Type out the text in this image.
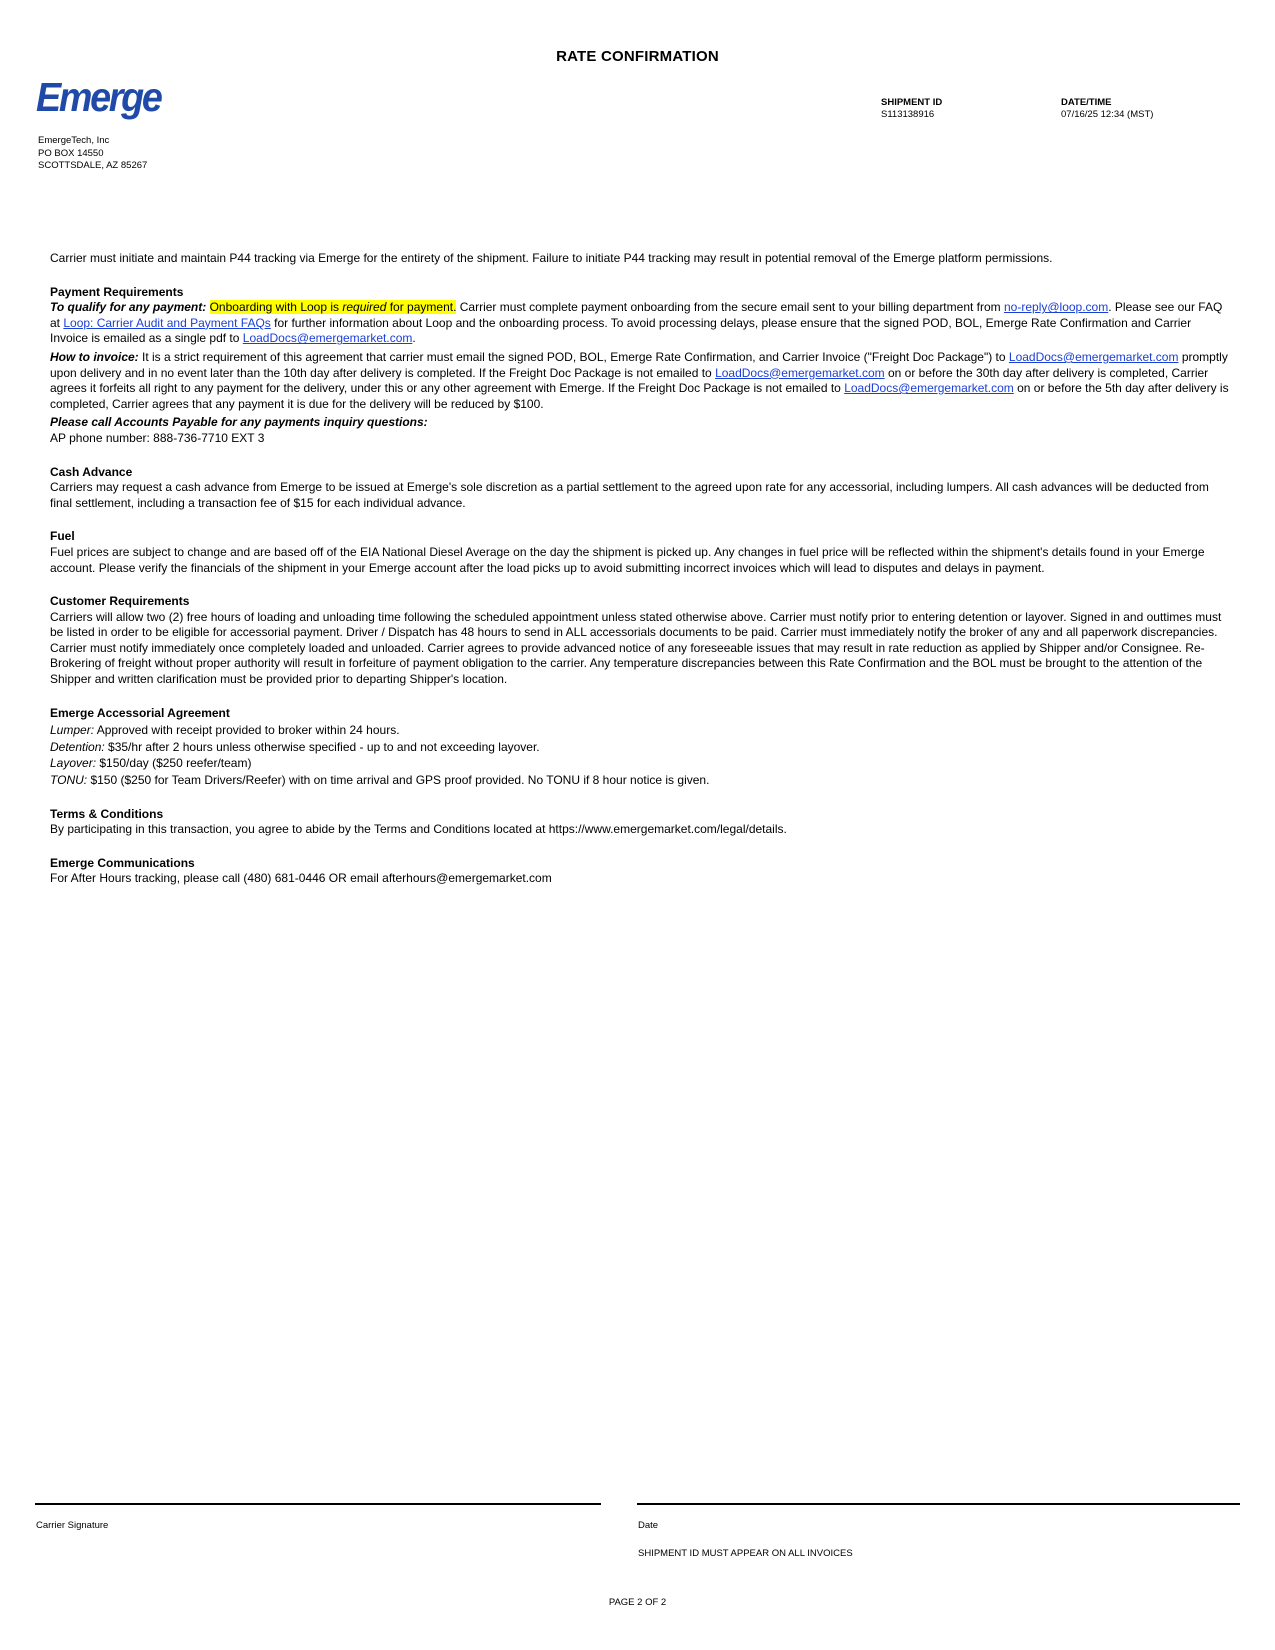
RATE CONFIRMATION
Emerge	SHIPMENT ID
S113138916
DATE/TIME
07/16/25 12:34 (MST)
EmergeTech, Inc
PO BOX 14550
SCOTTSDALE, AZ 85267

Carrier must initiate and maintain P44 tracking via Emerge for the entirety of the shipment. Failure to initiate P44 tracking may result in potential removal of the Emerge platform permissions.

Payment Requirements

To qualify for any payment: Onboarding with Loop is required for payment. Carrier must complete payment onboarding from the secure email sent to your billing department from no-reply@loop.com. Please see our FAQ at Loop: Carrier Audit and Payment FAQs for further information about Loop and the onboarding process. To avoid processing delays, please ensure that the signed POD, BOL, Emerge Rate Confirmation and Carrier Invoice is emailed as a single pdf to LoadDocs@emergemarket.com.

How to invoice: It is a strict requirement of this agreement that carrier must email the signed POD, BOL, Emerge Rate Confirmation, and Carrier Invoice ("Freight Doc Package") to LoadDocs@emergemarket.com promptly upon delivery and in no event later than the 10th day after delivery is completed. If the Freight Doc Package is not emailed to LoadDocs@emergemarket.com on or before the 30th day after delivery is completed, Carrier agrees it forfeits all right to any payment for the delivery, under this or any other agreement with Emerge. If the Freight Doc Package is not emailed to LoadDocs@emergemarket.com on or before the 5th day after delivery is completed, Carrier agrees that any payment it is due for the delivery will be reduced by $100.

Please call Accounts Payable for any payments inquiry questions:

AP phone number: 888-736-7710 EXT 3

Cash Advance

Carriers may request a cash advance from Emerge to be issued at Emerge's sole discretion as a partial settlement to the agreed upon rate for any accessorial, including lumpers. All cash advances will be deducted from final settlement, including a transaction fee of $15 for each individual advance.

Fuel

Fuel prices are subject to change and are based off of the EIA National Diesel Average on the day the shipment is picked up. Any changes in fuel price will be reflected within the shipment's details found in your Emerge account. Please verify the financials of the shipment in your Emerge account after the load picks up to avoid submitting incorrect invoices which will lead to disputes and delays in payment.

Customer Requirements

Carriers will allow two (2) free hours of loading and unloading time following the scheduled appointment unless stated otherwise above. Carrier must notify prior to entering detention or layover. Signed in and outtimes must be listed in order to be eligible for accessorial payment. Driver / Dispatch has 48 hours to send in ALL accessorials documents to be paid. Carrier must immediately notify the broker of any and all paperwork discrepancies. Carrier must notify immediately once completely loaded and unloaded. Carrier agrees to provide advanced notice of any foreseeable issues that may result in rate reduction as applied by Shipper and/or Consignee. Re-Brokering of freight without proper authority will result in forfeiture of payment obligation to the carrier. Any temperature discrepancies between this Rate Confirmation and the BOL must be brought to the attention of the Shipper and written clarification must be provided prior to departing Shipper's location.

Emerge Accessorial Agreement

Lumper: Approved with receipt provided to broker within 24 hours.

Detention: $35/hr after 2 hours unless otherwise specified - up to and not exceeding layover.

Layover: $150/day ($250 reefer/team)

TONU: $150 ($250 for Team Drivers/Reefer) with on time arrival and GPS proof provided. No TONU if 8 hour notice is given.

Terms & Conditions

By participating in this transaction, you agree to abide by the Terms and Conditions located at https://www.emergemarket.com/legal/details.

Emerge Communications

For After Hours tracking, please call (480) 681-0446 OR email afterhours@emergemarket.com

Carrier Signature	Date
SHIPMENT ID MUST APPEAR ON ALL INVOICES
PAGE 2 OF 2
